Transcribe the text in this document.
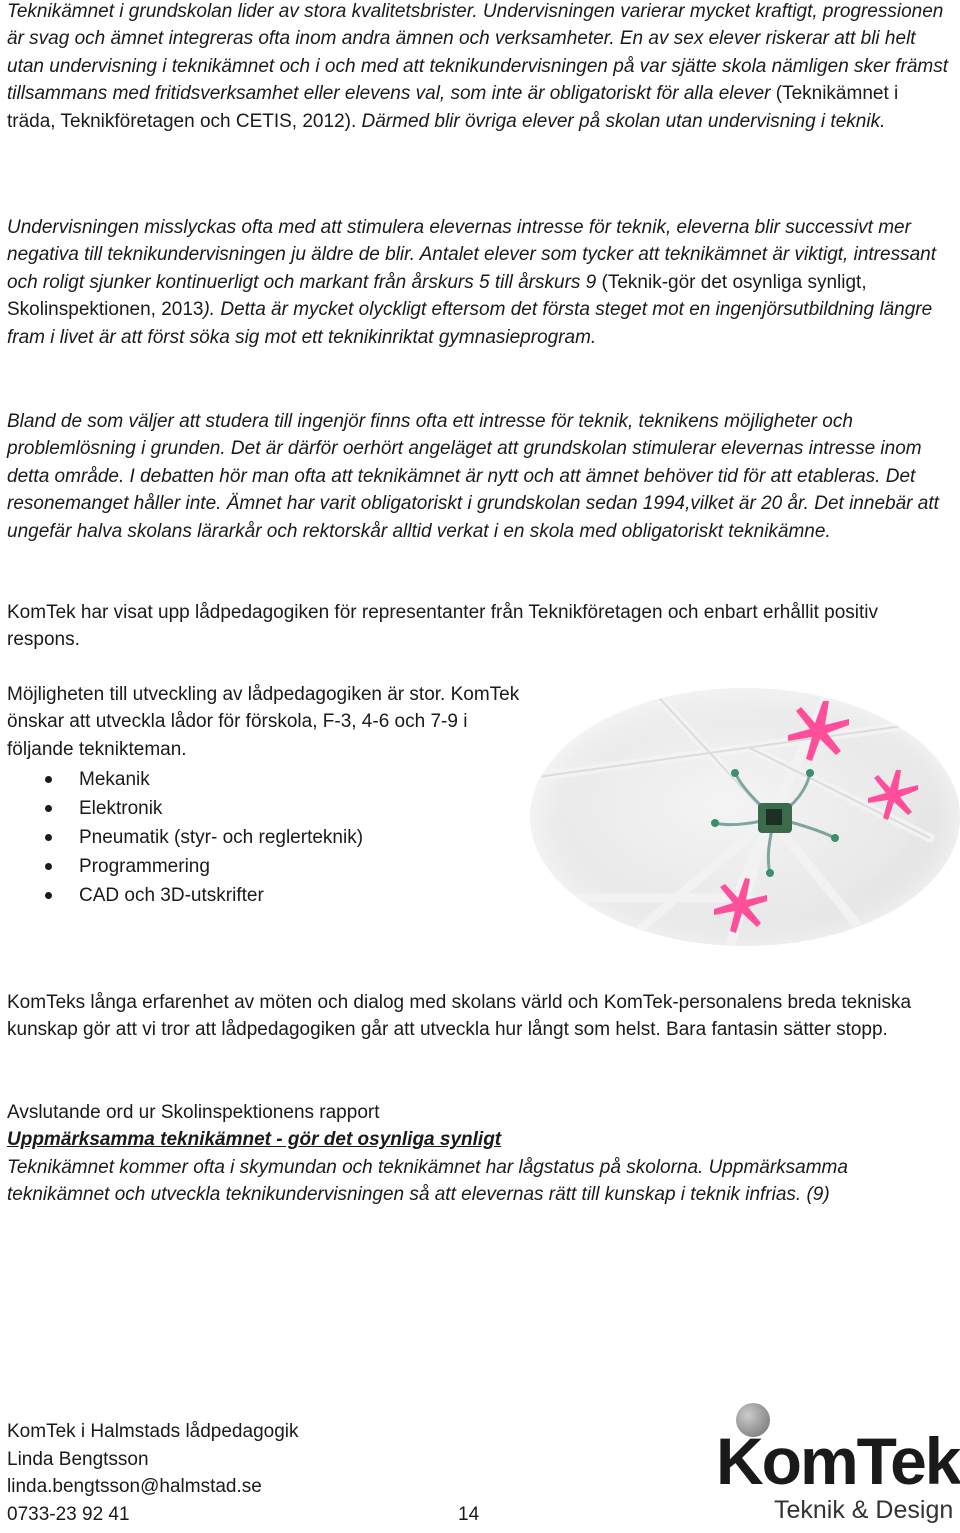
Teknikämnet i grundskolan lider av stora kvalitetsbrister. Undervisningen varierar mycket kraftigt, progressionen är svag och ämnet integreras ofta inom andra ämnen och verksamheter. En av sex elever riskerar att bli helt utan undervisning i teknikämnet och i och med att teknikundervisningen på var sjätte skola nämligen sker främst tillsammans med fritidsverksamhet eller elevens val, som inte är obligatoriskt för alla elever (Teknikämnet i träda, Teknikföretagen och CETIS, 2012). Därmed blir övriga elever på skolan utan undervisning i teknik.

Undervisningen misslyckas ofta med att stimulera elevernas intresse för teknik, eleverna blir successivt mer negativa till teknikundervisningen ju äldre de blir. Antalet elever som tycker att teknikämnet är viktigt, intressant och roligt sjunker kontinuerligt och markant från årskurs 5 till årskurs 9 (Teknik-gör det osynliga synligt, Skolinspektionen, 2013). Detta är mycket olyckligt eftersom det första steget mot en ingenjörsutbildning längre fram i livet är att först söka sig mot ett teknikinriktat gymnasieprogram.

Bland de som väljer att studera till ingenjör finns ofta ett intresse för teknik, teknikens möjligheter och problemlösning i grunden. Det är därför oerhört angeläget att grundskolan stimulerar elevernas intresse inom detta område. I debatten hör man ofta att teknikämnet är nytt och att ämnet behöver tid för att etableras. Det resonemanget håller inte. Ämnet har varit obligatoriskt i grundskolan sedan 1994,vilket är 20 år. Det innebär att ungefär halva skolans lärarkår och rektorskår alltid verkat i en skola med obligatoriskt teknikämne.

KomTek har visat upp lådpedagogiken för representanter från Teknikföretagen och enbart erhållit positiv respons.

Möjligheten till utveckling av lådpedagogiken är stor. KomTek önskar att utveckla lådor för förskola, F-3, 4-6 och 7-9 i följande teknikteman.

Mekanik
Elektronik
Pneumatik (styr- och reglerteknik)
Programmering
CAD och 3D-utskrifter

KomTeks långa erfarenhet av möten och dialog med skolans värld och KomTek-personalens breda tekniska kunskap gör att vi tror att lådpedagogiken går att utveckla hur långt som helst. Bara fantasin sätter stopp.

Avslutande ord ur Skolinspektionens rapport

Uppmärksamma teknikämnet - gör det osynliga synligt

Teknikämnet kommer ofta i skymundan och teknikämnet har lågstatus på skolorna. Uppmärksamma teknikämnet och utveckla teknikundervisningen så att elevernas rätt till kunskap i teknik infrias. (9)

KomTek i Halmstads lådpedagogik

Linda Bengtsson

linda.bengtsson@halmstad.se

0733-23 92 41	14
KomTek
Teknik & Design
